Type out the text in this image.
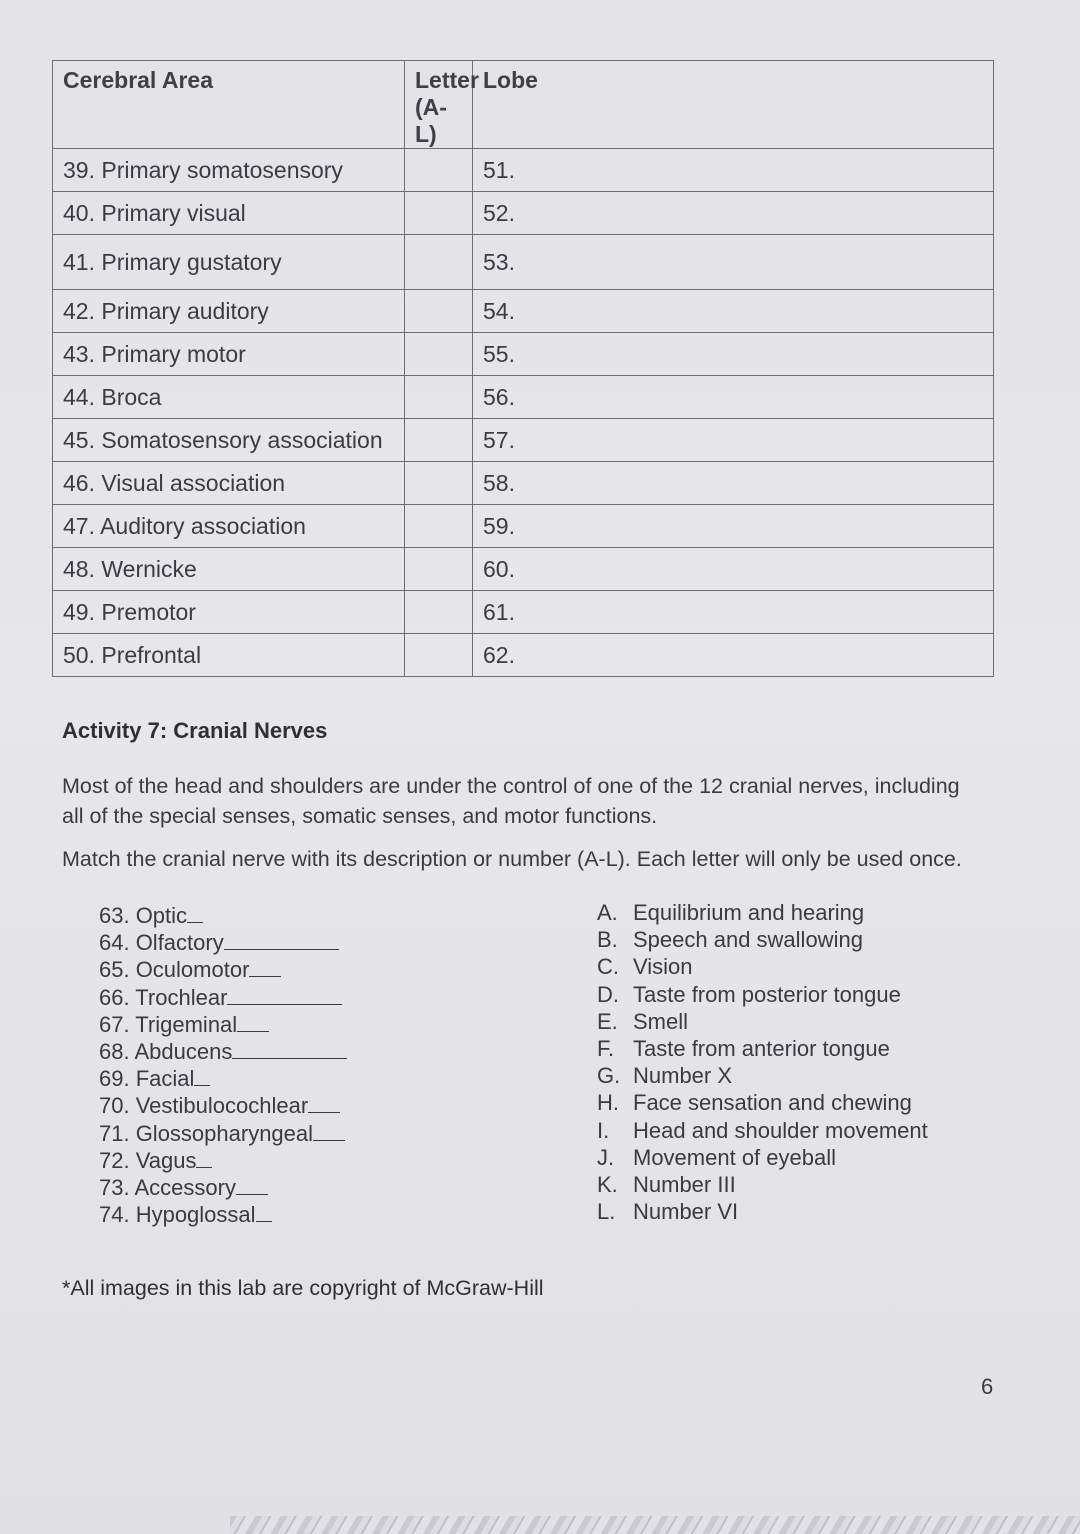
Cerebral Area	Letter (A-L)	Lobe
39. Primary somatosensory		51.
40. Primary visual		52.
41. Primary gustatory		53.
42. Primary auditory		54.
43. Primary motor		55.
44. Broca		56.
45. Somatosensory association		57.
46. Visual association		58.
47. Auditory association		59.
48. Wernicke		60.
49. Premotor		61.
50. Prefrontal		62.
Activity 7: Cranial Nerves

Most of the head and shoulders are under the control of one of the 12 cranial nerves, including all of the special senses, somatic senses, and motor functions.

Match the cranial nerve with its description or number (A-L). Each letter will only be used once.

63. Optic
64. Olfactory
65. Oculomotor
66. Trochlear
67. Trigeminal
68. Abducens
69. Facial
70. Vestibulocochlear
71. Glossopharyngeal
72. Vagus
73. Accessory
74. Hypoglossal
A. Equilibrium and hearing
B. Speech and swallowing
C. Vision
D. Taste from posterior tongue
E. Smell
F. Taste from anterior tongue
G. Number X
H. Face sensation and chewing
I. Head and shoulder movement
J. Movement of eyeball
K. Number III
L. Number VI

*All images in this lab are copyright of McGraw-Hill

6
